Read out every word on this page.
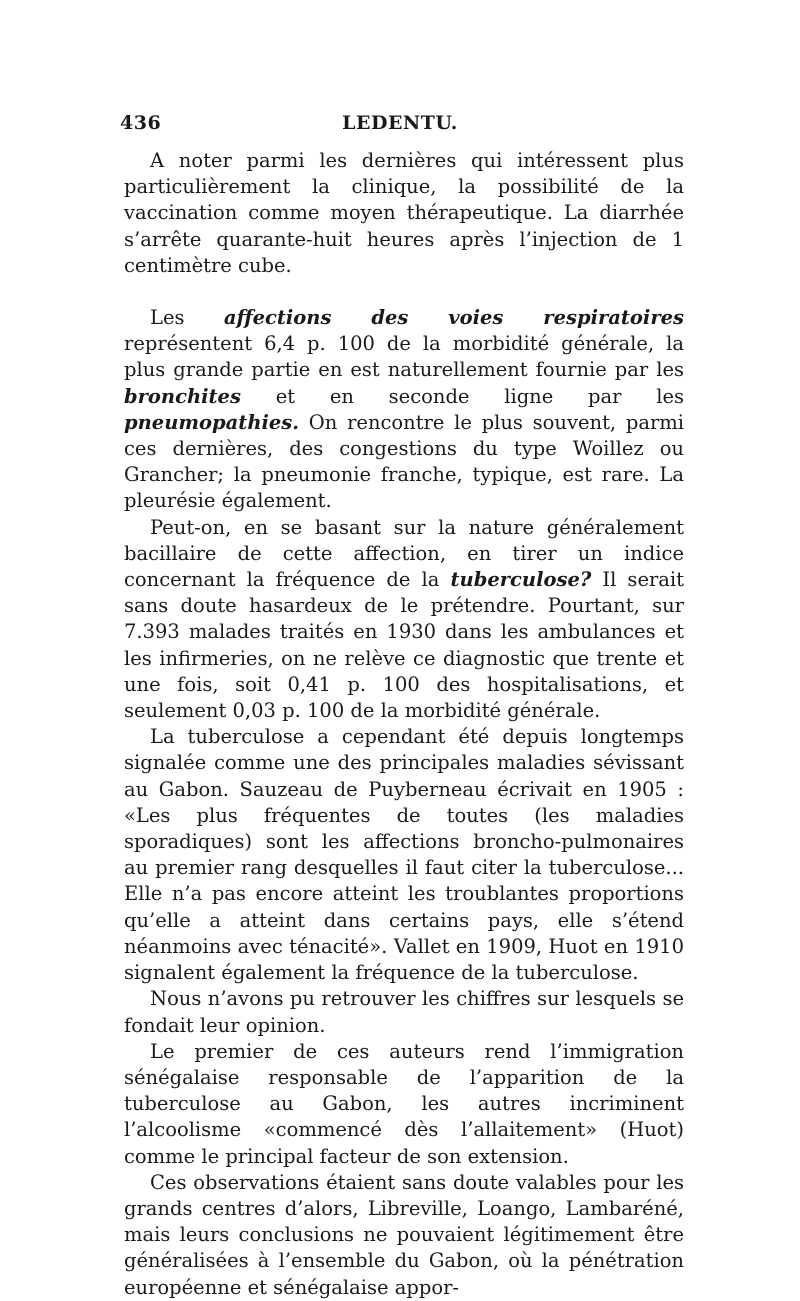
436	LEDENTU.

A noter parmi les dernières qui intéressent plus particulièrement la clinique, la possibilité de la vaccination comme moyen thérapeutique. La diarrhée s’arrête quarante-huit heures après l’injection de 1 centimètre cube.

Les affections des voies respiratoires représentent 6,4 p. 100 de la morbidité générale, la plus grande partie en est naturellement fournie par les bronchites et en seconde ligne par les pneumopathies. On rencontre le plus souvent, parmi ces dernières, des congestions du type Woillez ou Grancher; la pneumonie franche, typique, est rare. La pleurésie également.

Peut-on, en se basant sur la nature généralement bacillaire de cette affection, en tirer un indice concernant la fréquence de la tuberculose? Il serait sans doute hasardeux de le prétendre. Pourtant, sur 7.393 malades traités en 1930 dans les ambulances et les infirmeries, on ne relève ce diagnostic que trente et une fois, soit 0,41 p. 100 des hospitalisations, et seulement 0,03 p. 100 de la morbidité générale.

La tuberculose a cependant été depuis longtemps signalée comme une des principales maladies sévissant au Gabon. Sauzeau de Puyberneau écrivait en 1905 : «Les plus fréquentes de toutes (les maladies sporadiques) sont les affections broncho-pulmonaires au premier rang desquelles il faut citer la tuberculose... Elle n’a pas encore atteint les troublantes proportions qu’elle a atteint dans certains pays, elle s’étend néanmoins avec ténacité». Vallet en 1909, Huot en 1910 signalent également la fréquence de la tuberculose.

Nous n’avons pu retrouver les chiffres sur lesquels se fondait leur opinion.

Le premier de ces auteurs rend l’immigration sénégalaise responsable de l’apparition de la tuberculose au Gabon, les autres incriminent l’alcoolisme «commencé dès l’allaitement» (Huot) comme le principal facteur de son extension.

Ces observations étaient sans doute valables pour les grands centres d’alors, Libreville, Loango, Lambaréné, mais leurs conclusions ne pouvaient légitimement être généralisées à l’ensemble du Gabon, où la pénétration européenne et sénégalaise appor-
